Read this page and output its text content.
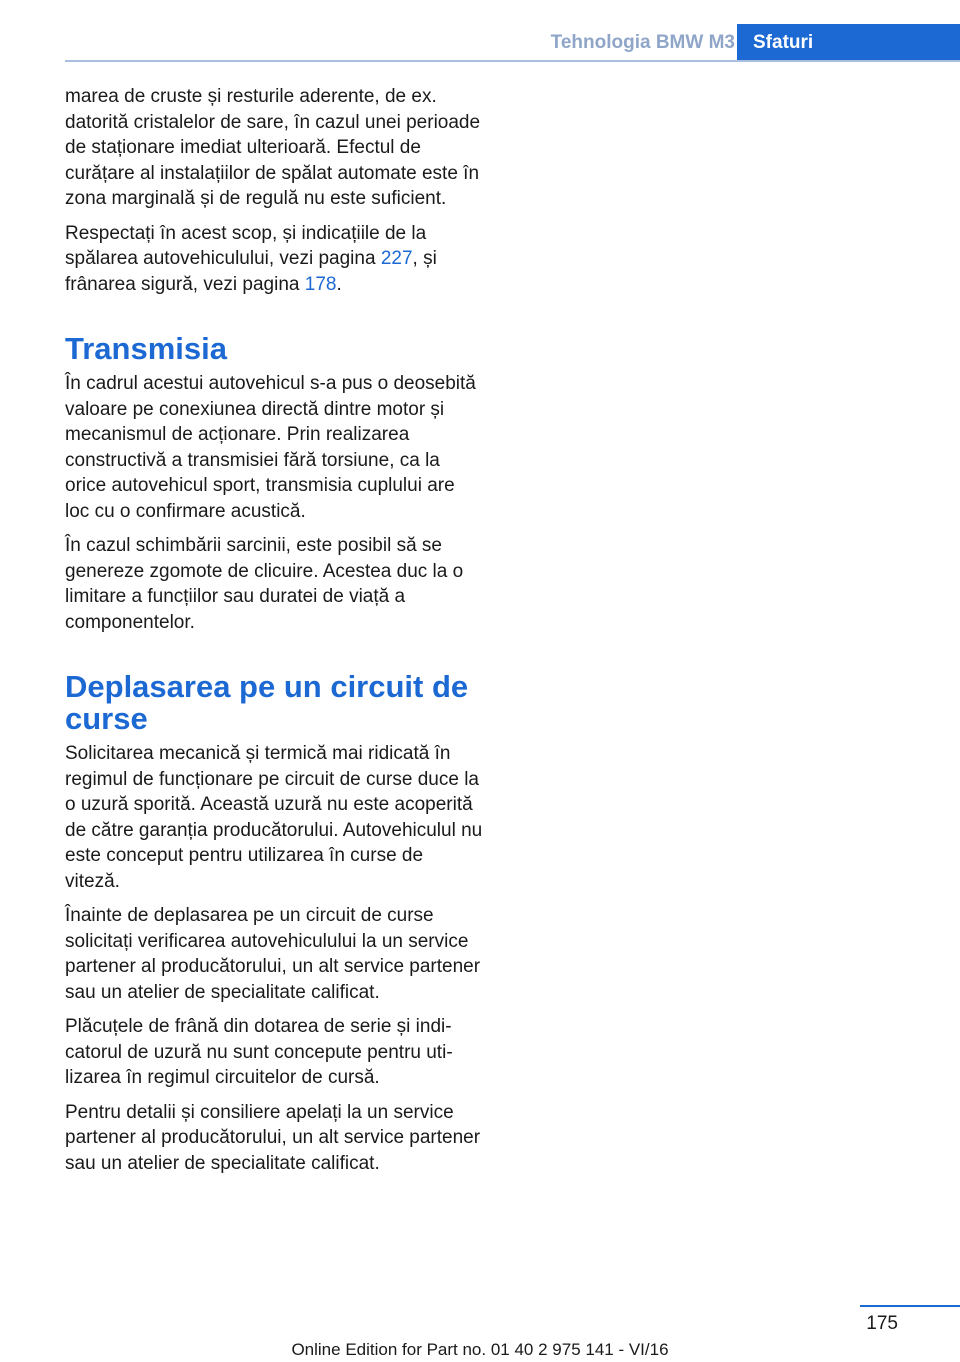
Tehnologia BMW M3 Sfaturi

marea de cruste și resturile aderente, de ex. datorită cristalelor de sare, în cazul unei perioade de staționare imediat ulterioară. Efectul de curățare al instalațiilor de spălat automate este în zona marginală și de regulă nu este suficient.

Respectați în acest scop, și indicațiile de la spălarea autovehiculului, vezi pagina 227, și frânarea sigură, vezi pagina 178.

Transmisia

În cadrul acestui autovehicul s-a pus o deosebită valoare pe conexiunea directă dintre motor și mecanismul de acționare. Prin realizarea constructivă a transmisiei fără torsiune, ca la orice autovehicul sport, transmisia cuplului are loc cu o confirmare acustică.

În cazul schimbării sarcinii, este posibil să se genereze zgomote de clicuire. Acestea duc la o limitare a funcțiilor sau duratei de viață a componentelor.

Deplasarea pe un circuit de curse

Solicitarea mecanică și termică mai ridicată în regimul de funcționare pe circuit de curse duce la o uzură sporită. Această uzură nu este acoperită de către garanția producătorului. Autovehiculul nu este conceput pentru utilizarea în curse de viteză.

Înainte de deplasarea pe un circuit de curse solicitați verificarea autovehiculului la un service partener al producătorului, un alt service partener sau un atelier de specialitate calificat.

Plăcuțele de frână din dotarea de serie și indicatorul de uzură nu sunt concepute pentru utilizarea în regimul circuitelor de cursă.

Pentru detalii și consiliere apelați la un service partener al producătorului, un alt service partener sau un atelier de specialitate calificat.

175
Online Edition for Part no. 01 40 2 975 141 - VI/16
